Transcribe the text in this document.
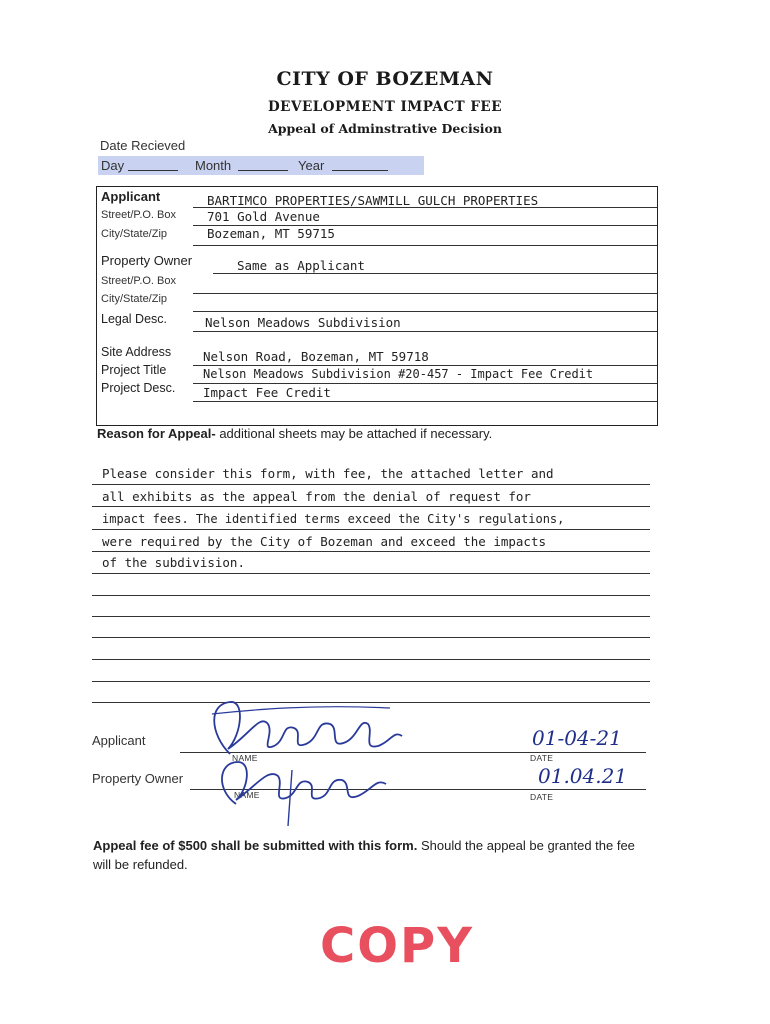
CITY OF BOZEMAN
DEVELOPMENT IMPACT FEE
Appeal of Adminstrative Decision
Date Recieved
Day	Month	Year
Applicant	BARTIMCO PROPERTIES/SAWMILL GULCH PROPERTIES
Street/P.O. Box 701 Gold Avenue
City/State/Zip	Bozeman, MT 59715
Property Owner	Same as Applicant
Street/P.O. Box
City/State/Zip
Legal Desc.	Nelson Meadows Subdivision
Site Address	Nelson Road, Bozeman, MT 59718
Project Title	Nelson Meadows Subdivision #20-457 - Impact Fee Credit
Project Desc. Impact Fee Credit
Reason for Appeal- additional sheets may be attached if necessary.
Please consider this form, with fee, the attached letter and
all exhibits as the appeal from the denial of request for
impact fees. The identified terms exceed the City's regulations,
were required by the City of Bozeman and exceed the impacts
of the subdivision.
Applicant
NAME	DATE
01-04-21
Property Owner
NAME	DATE
01.04.21
Appeal fee of $500 shall be submitted with this form. Should the appeal be granted the fee will be refunded.
COPY
